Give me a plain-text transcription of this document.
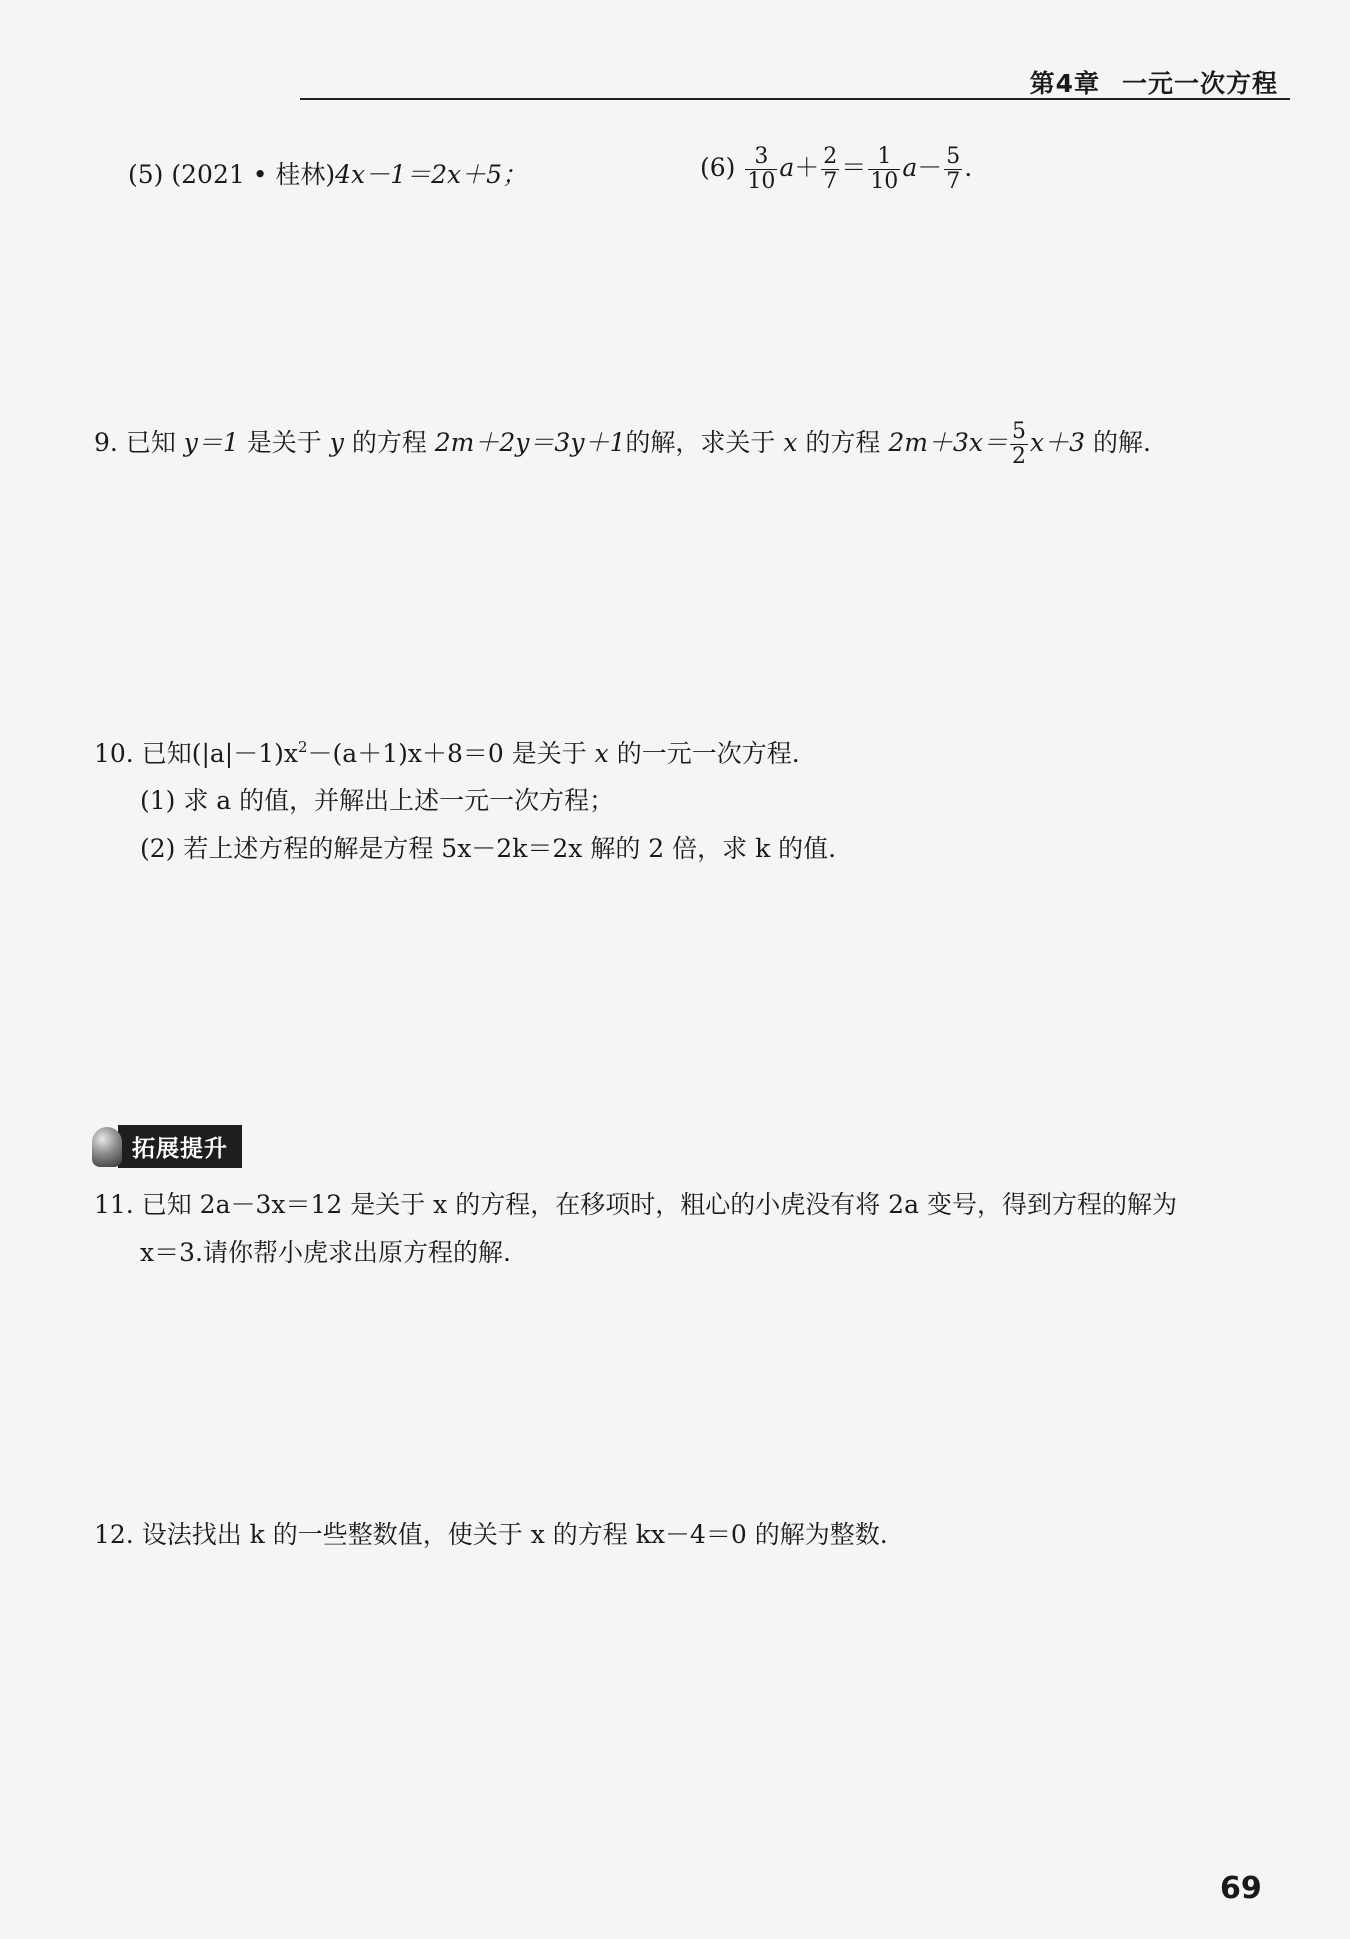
第4章 一元一次方程
(5) (2021 • 桂林)4x－1＝2x＋5；	$(6) \frac{3}{10} a+ \frac{2}{7} = \frac{1}{10} a- \frac{5}{7}$ .
9. 已知 y＝1 是关于 y 的方程 2m＋2y＝3y＋1的解，求关于 x 的方程 $2m+3x= \frac{5}{2} x+3$ 的解.
10. 已知$(|a|-1)x^2-(a+1)x+8=0$ 是关于 x 的一元一次方程.
(1) 求 a 的值，并解出上述一元一次方程；
(2) 若上述方程的解是方程 5x－2k＝2x 解的 2 倍，求 k 的值.
拓展提升
11. 已知 2a－3x＝12 是关于 x 的方程，在移项时，粗心的小虎没有将 2a 变号，得到方程的解为
x＝3.请你帮小虎求出原方程的解.
12. 设法找出 k 的一些整数值，使关于 x 的方程 kx－4＝0 的解为整数.
69
